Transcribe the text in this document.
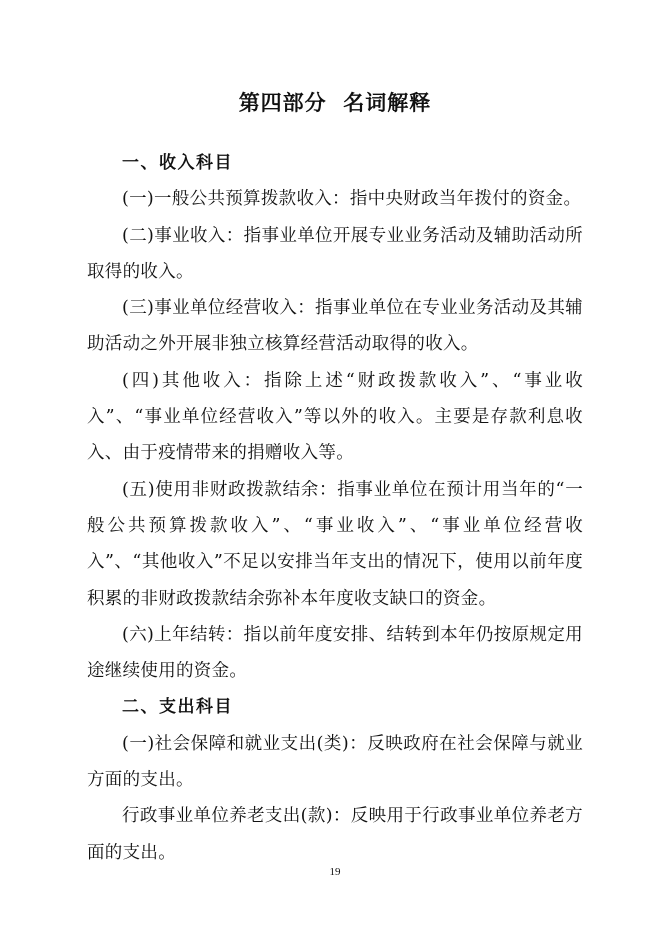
第四部分  名词解释

一、收入科目

(一)一般公共预算拨款收入：指中央财政当年拨付的资金。

(二)事业收入：指事业单位开展专业业务活动及辅助活动所取得的收入。

(三)事业单位经营收入：指事业单位在专业业务活动及其辅助活动之外开展非独立核算经营活动取得的收入。

(四)其他收入：指除上述“财政拨款收入”、“事业收入”、“事业单位经营收入”等以外的收入。主要是存款利息收入、由于疫情带来的捐赠收入等。

(五)使用非财政拨款结余：指事业单位在预计用当年的“一般公共预算拨款收入”、“事业收入”、“事业单位经营收入”、“其他收入”不足以安排当年支出的情况下，使用以前年度积累的非财政拨款结余弥补本年度收支缺口的资金。

(六)上年结转：指以前年度安排、结转到本年仍按原规定用途继续使用的资金。

二、支出科目

(一)社会保障和就业支出(类)：反映政府在社会保障与就业方面的支出。

行政事业单位养老支出(款)：反映用于行政事业单位养老方面的支出。

19
